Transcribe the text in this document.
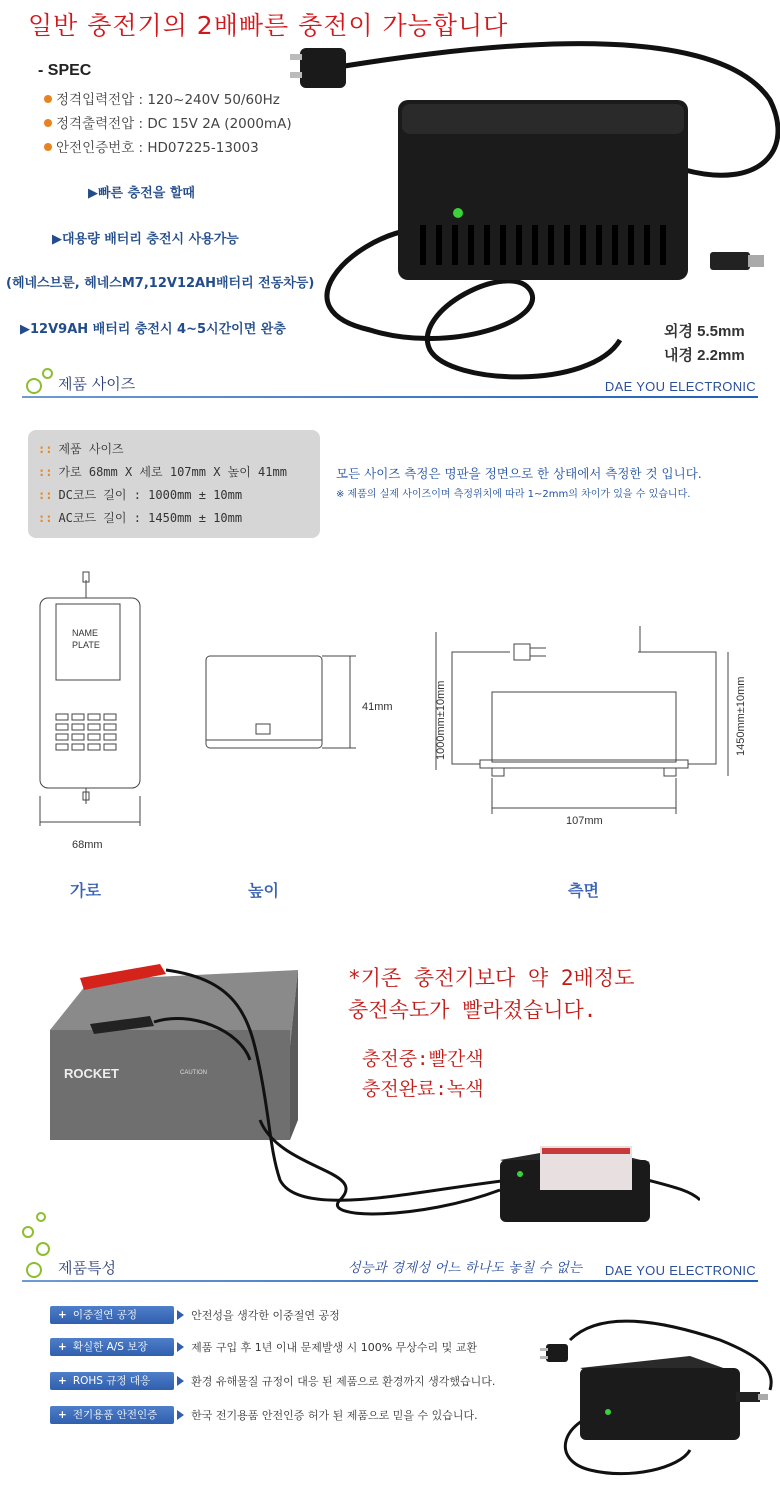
일반 충전기의 2배빠른 충전이 가능합니다
- SPEC
정격입력전압 : 120~240V 50/60Hz
정격출력전압 : DC 15V 2A (2000mA)
안전인증번호 : HD07225-13003
▶빠른 충전을 할때
▶대용량 배터리 충전시 사용가능
(헤네스브룬, 헤네스M7,12V12AH배터리 전동차등)
▶12V9AH 배터리 충전시 4~5시간이면 완충	외경 5.5mm
내경 2.2mm
제품 사이즈	DAE YOU ELECTRONIC
:: 제품 사이즈
:: 가로 68mm X 세로 107mm X 높이 41mm
:: DC코드 길이 : 1000mm ± 10mm
:: AC코드 길이 : 1450mm ± 10mm
모든 사이즈 측정은 명판을 정면으로 한 상태에서 측정한 것 입니다.
※ 제품의 실제 사이즈이며 측정위치에 따라 1~2mm의 차이가 있을 수 있습니다.
NAME
PLATE
68mm
41mm	1000mm±10mm	1450mm±10mm
107mm
가로	높이	측면
ROCKET	CAUTION
*기존 충전기보다 약 2배정도
충전속도가 빨라졌습니다.
충전중:빨간색
충전완료:녹색
제품특성	DAE YOU ELECTRONIC
성능과 경제성 어느 하나도 놓칠 수 없는
+ 이중절연 공정	안전성을 생각한 이중절연 공정
+ 확실한 A/S 보장	제품 구입 후 1년 이내 문제발생 시 100% 무상수리 및 교환
+ ROHS 규정 대응	환경 유해물질 규정이 대응 된 제품으로 환경까지 생각했습니다.
+ 전기용품 안전인증	한국 전기용품 안전인증 허가 된 제품으로 믿을 수 있습니다.
